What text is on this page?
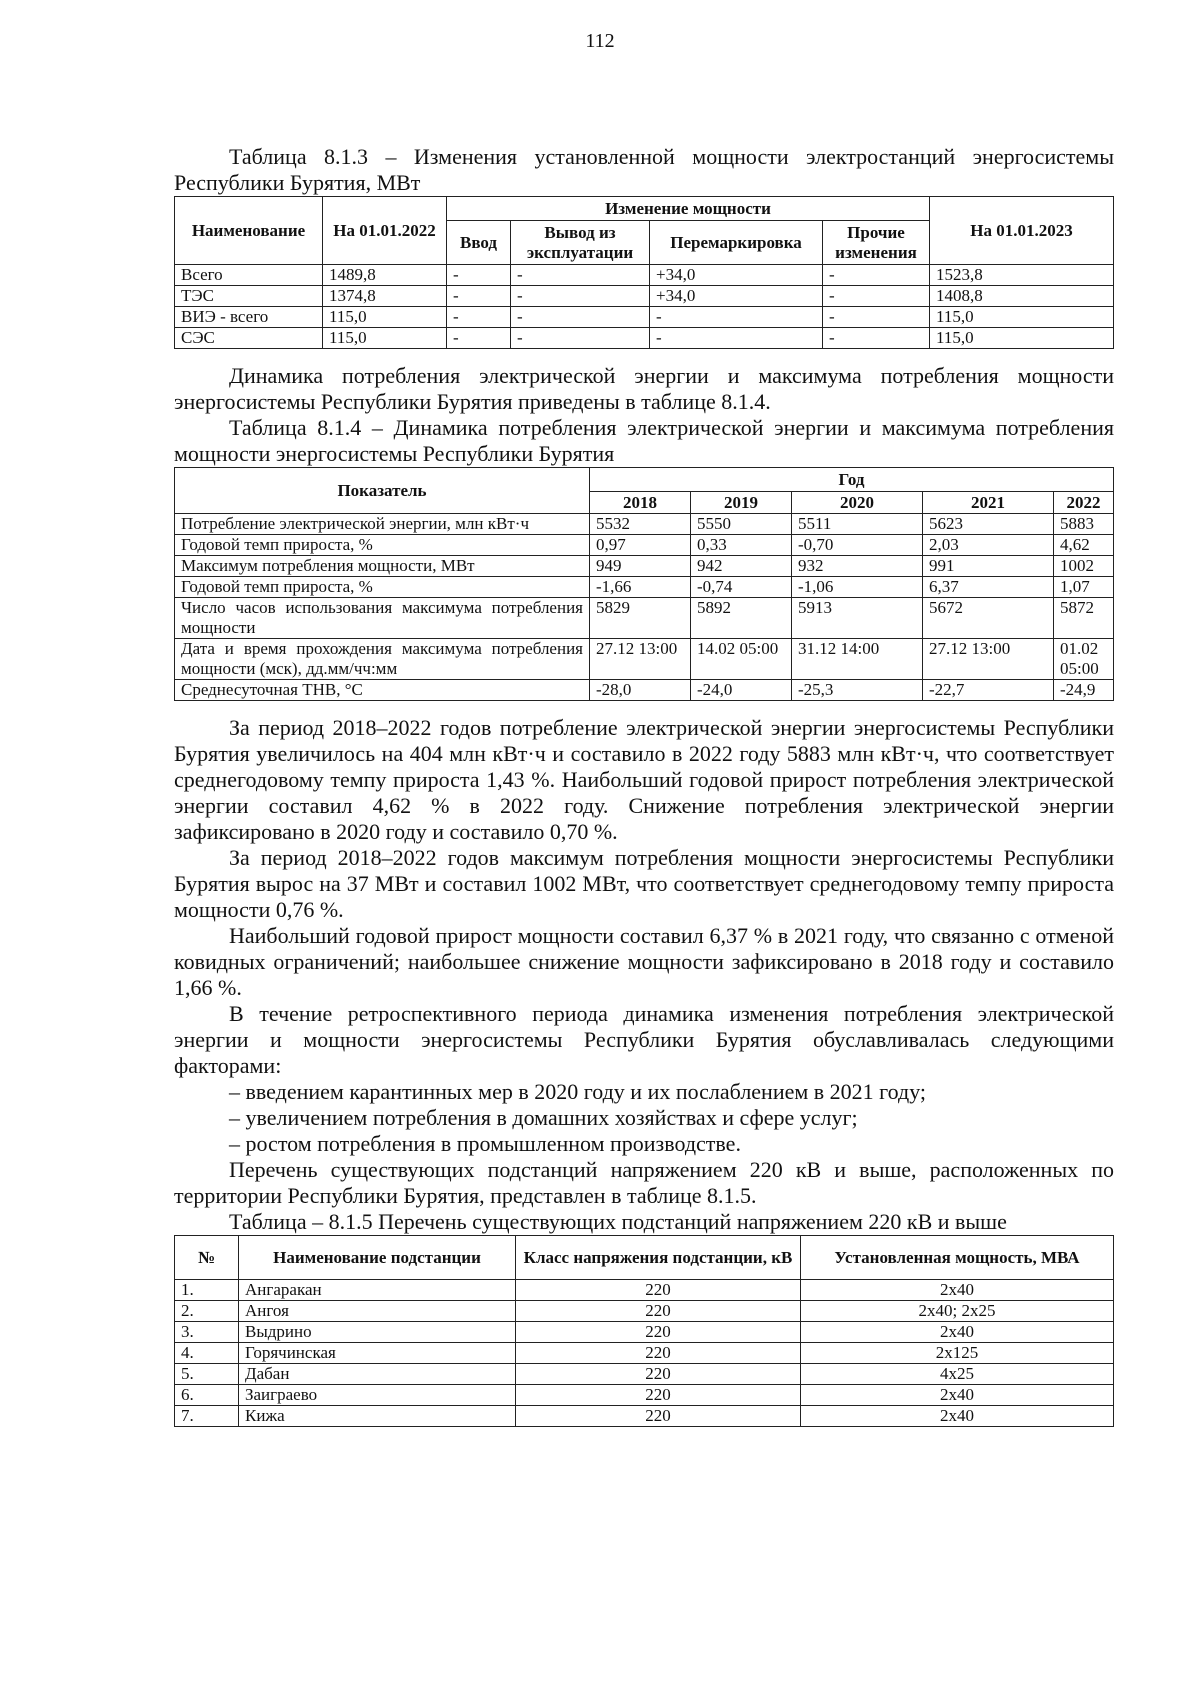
112

Таблица 8.1.3 – Изменения установленной мощности электростанций энергосистемы Республики Бурятия, МВт

Наименование	На 01.01.2022	Изменение мощности				На 01.01.2023
		Ввод	Вывод из эксплуатации	Перемаркировка	Прочие изменения	
Всего	1489,8	-	-	+34,0	-	1523,8
ТЭС	1374,8	-	-	+34,0	-	1408,8
ВИЭ - всего	115,0	-	-	-	-	115,0
СЭС	115,0	-	-	-	-	115,0

Динамика потребления электрической энергии и максимума потребления мощности энергосистемы Республики Бурятия приведены в таблице 8.1.4.

Таблица 8.1.4 – Динамика потребления электрической энергии и максимума потребления мощности энергосистемы Республики Бурятия

Показатель	Год				
	2018	2019	2020	2021	2022
Потребление электрической энергии, млн кВт·ч	5532	5550	5511	5623	5883
Годовой темп прироста, %	0,97	0,33	-0,70	2,03	4,62
Максимум потребления мощности, МВт	949	942	932	991	1002
Годовой темп прироста, %	-1,66	-0,74	-1,06	6,37	1,07
Число часов использования максимума потребления мощности	5829	5892	5913	5672	5872
Дата и время прохождения максимума потребления мощности (мск), дд.мм/чч:мм	27.12 13:00	14.02 05:00	31.12 14:00	27.12 13:00	01.02 05:00
Среднесуточная ТНВ, °С	-28,0	-24,0	-25,3	-22,7	-24,9

За период 2018–2022 годов потребление электрической энергии энергосистемы Республики Бурятия увеличилось на 404 млн кВт·ч и составило в 2022 году 5883 млн кВт·ч, что соответствует среднегодовому темпу прироста 1,43 %. Наибольший годовой прирост потребления электрической энергии составил 4,62 % в 2022 году. Снижение потребления электрической энергии зафиксировано в 2020 году и составило 0,70 %.

За период 2018–2022 годов максимум потребления мощности энергосистемы Республики Бурятия вырос на 37 МВт и составил 1002 МВт, что соответствует среднегодовому темпу прироста мощности 0,76 %.

Наибольший годовой прирост мощности составил 6,37 % в 2021 году, что связанно с отменой ковидных ограничений; наибольшее снижение мощности зафиксировано в 2018 году и составило 1,66 %.

В течение ретроспективного периода динамика изменения потребления электрической энергии и мощности энергосистемы Республики Бурятия обуславливалась следующими факторами:

– введением карантинных мер в 2020 году и их послаблением в 2021 году;

– увеличением потребления в домашних хозяйствах и сфере услуг;

– ростом потребления в промышленном производстве.

Перечень существующих подстанций напряжением 220 кВ и выше, расположенных по территории Республики Бурятия, представлен в таблице 8.1.5.

Таблица – 8.1.5 Перечень существующих подстанций напряжением 220 кВ и выше

№	Наименование подстанции	Класс напряжения подстанции, кВ	Установленная мощность, МВА
1.	Ангаракан	220	2х40
2.	Ангоя	220	2х40; 2х25
3.	Выдрино	220	2х40
4.	Горячинская	220	2х125
5.	Дабан	220	4х25
6.	Заиграево	220	2х40
7.	Кижа	220	2х40
